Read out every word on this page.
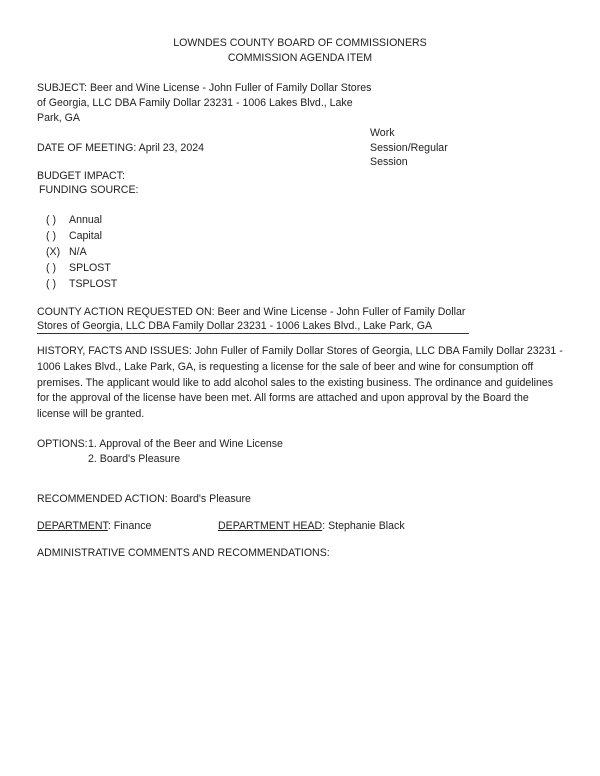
LOWNDES COUNTY BOARD OF COMMISSIONERS
COMMISSION AGENDA ITEM
SUBJECT: Beer and Wine License - John Fuller of Family Dollar Stores
of Georgia, LLC DBA Family Dollar 23231 - 1006 Lakes Blvd., Lake
Park, GA
Work
Session/Regular
Session
DATE OF MEETING: April 23, 2024
BUDGET IMPACT:
FUNDING SOURCE:
( ) Annual
( ) Capital
(X) N/A
( ) SPLOST
( ) TSPLOST
COUNTY ACTION REQUESTED ON: Beer and Wine License - John Fuller of Family Dollar
Stores of Georgia, LLC DBA Family Dollar 23231 - 1006 Lakes Blvd., Lake Park, GA
HISTORY, FACTS AND ISSUES: John Fuller of Family Dollar Stores of Georgia, LLC DBA Family Dollar 23231 -
1006 Lakes Blvd., Lake Park, GA, is requesting a license for the sale of beer and wine for consumption off
premises. The applicant would like to add alcohol sales to the existing business. The ordinance and guidelines
for the approval of the license have been met. All forms are attached and upon approval by the Board the
license will be granted.
OPTIONS: 1. Approval of the Beer and Wine License
2. Board's Pleasure
RECOMMENDED ACTION: Board's Pleasure
DEPARTMENT: Finance	DEPARTMENT HEAD: Stephanie Black
ADMINISTRATIVE COMMENTS AND RECOMMENDATIONS:
